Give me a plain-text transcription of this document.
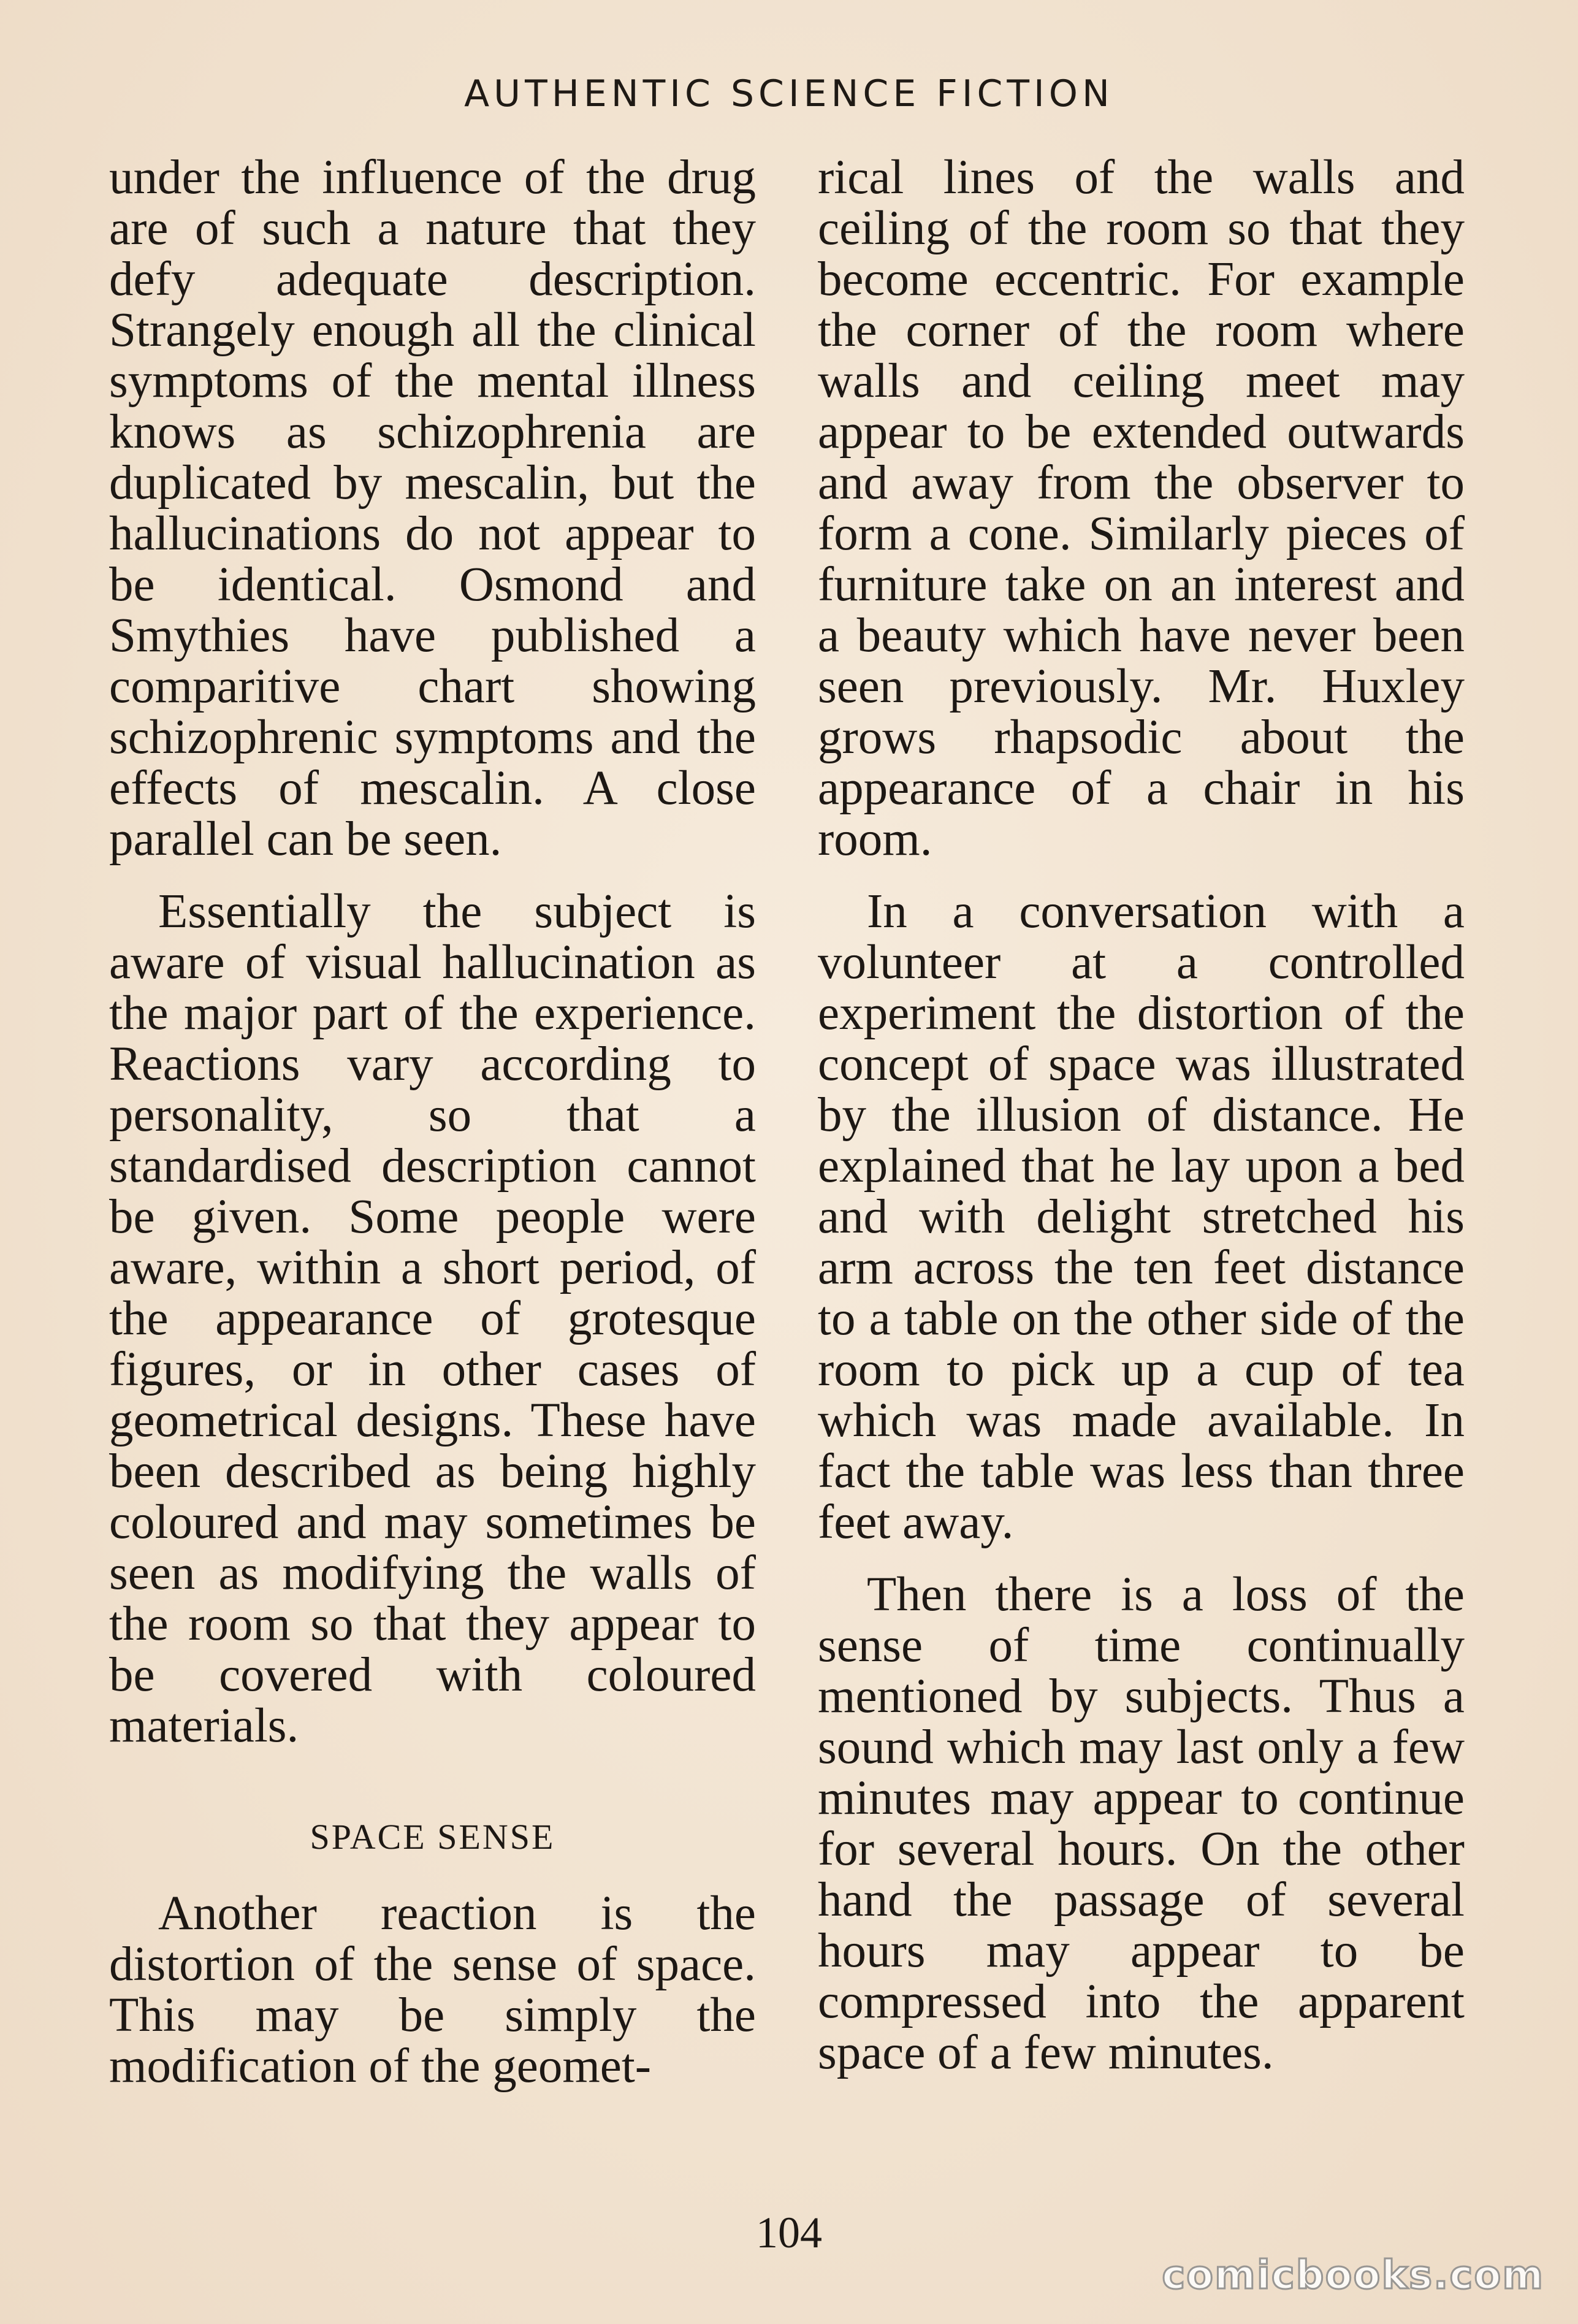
AUTHENTIC SCIENCE FICTION

under the influence of the drug are of such a nature that they defy adequate description. Strangely enough all the clinical symptoms of the mental illness knows as schizophrenia are duplicated by mescalin, but the hallucinations do not appear to be identical. Osmond and Smythies have published a comparitive chart showing schizophrenic symptoms and the effects of mescalin. A close parallel can be seen.

Essentially the subject is aware of visual hallucination as the major part of the experience. Reactions vary according to personality, so that a standardised description cannot be given. Some people were aware, within a short period, of the appearance of grotesque figures, or in other cases of geometrical designs. These have been described as being highly coloured and may sometimes be seen as modifying the walls of the room so that they appear to be covered with coloured materials.

SPACE SENSE

Another reaction is the distortion of the sense of space. This may be simply the modification of the geomet-

rical lines of the walls and ceiling of the room so that they become eccentric. For example the corner of the room where walls and ceiling meet may appear to be extended outwards and away from the observer to form a cone. Similarly pieces of furniture take on an interest and a beauty which have never been seen previously. Mr. Huxley grows rhapsodic about the appearance of a chair in his room.

In a conversation with a volunteer at a controlled experiment the distortion of the concept of space was illustrated by the illusion of distance. He explained that he lay upon a bed and with delight stretched his arm across the ten feet distance to a table on the other side of the room to pick up a cup of tea which was made available. In fact the table was less than three feet away.

Then there is a loss of the sense of time continually mentioned by subjects. Thus a sound which may last only a few minutes may appear to continue for several hours. On the other hand the passage of several hours may appear to be compressed into the apparent space of a few minutes.

104
comicbooks.com
